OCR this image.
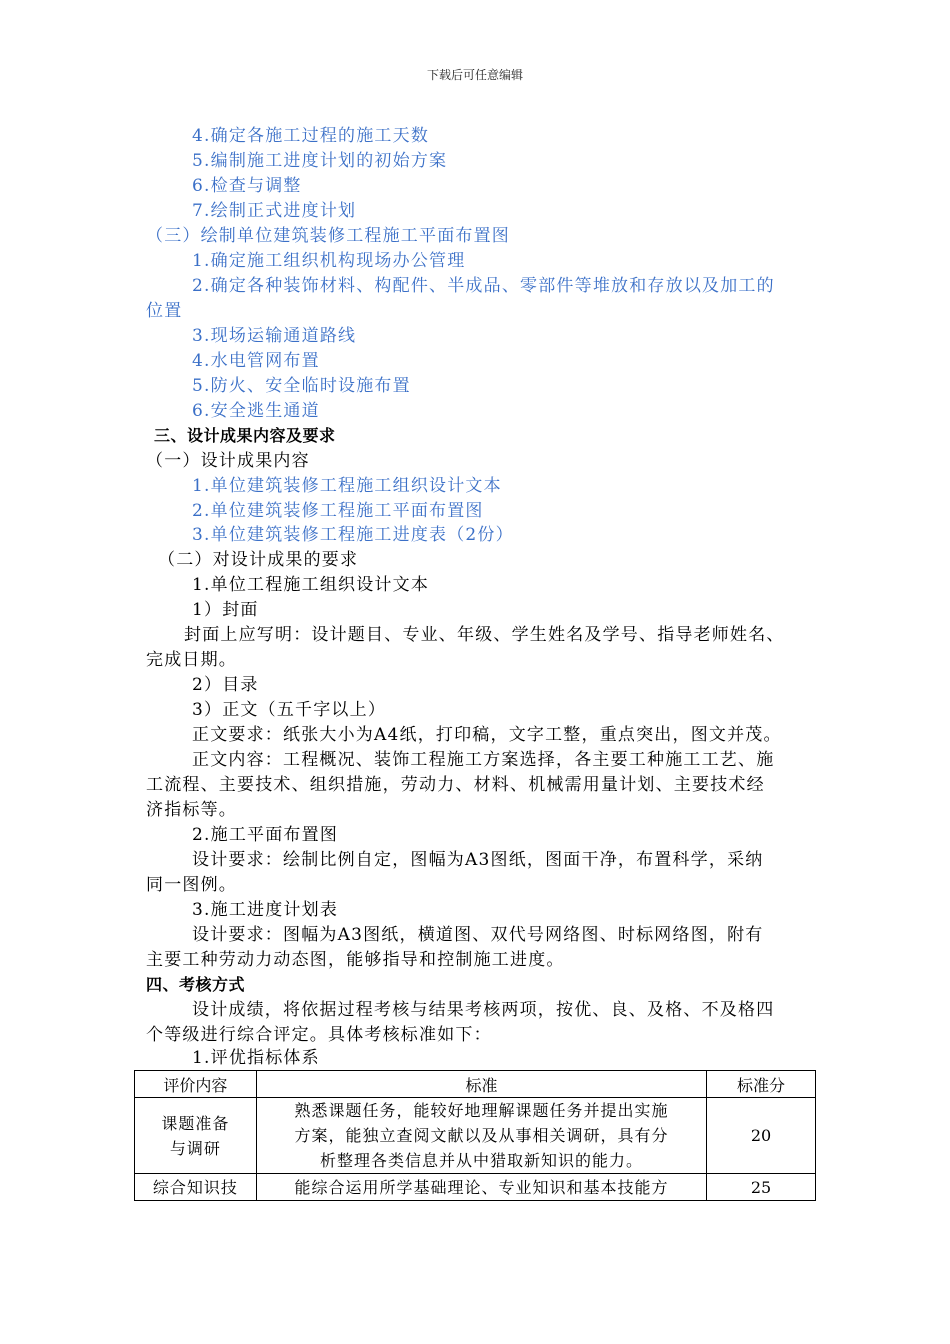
下载后可任意编辑
4.确定各施工过程的施工天数
5.编制施工进度计划的初始方案
6.检查与调整
7.绘制正式进度计划
（三）绘制单位建筑装修工程施工平面布置图
1.确定施工组织机构现场办公管理
2.确定各种装饰材料、构配件、半成品、零部件等堆放和存放以及加工的
位置
3.现场运输通道路线
4.水电管网布置
5.防火、安全临时设施布置
6.安全逃生通道
三、设计成果内容及要求
（一）设计成果内容
1.单位建筑装修工程施工组织设计文本
2.单位建筑装修工程施工平面布置图
3.单位建筑装修工程施工进度表（2份）
（二）对设计成果的要求
1.单位工程施工组织设计文本
1）封面
封面上应写明：设计题目、专业、年级、学生姓名及学号、指导老师姓名、
完成日期。
2）目录
3）正文（五千字以上）
正文要求：纸张大小为A4纸，打印稿，文字工整，重点突出，图文并茂。
正文内容：工程概况、装饰工程施工方案选择，各主要工种施工工艺、施
工流程、主要技术、组织措施，劳动力、材料、机械需用量计划、主要技术经
济指标等。
2.施工平面布置图
设计要求：绘制比例自定，图幅为A3图纸，图面干净，布置科学，采纳
同一图例。
3.施工进度计划表
设计要求：图幅为A3图纸，横道图、双代号网络图、时标网络图，附有
主要工种劳动力动态图，能够指导和控制施工进度。
四、考核方式
设计成绩，将依据过程考核与结果考核两项，按优、良、及格、不及格四
个等级进行综合评定。具体考核标准如下：
1.评优指标体系
评价内容	标准	标准分
课题准备
与调研	熟悉课题任务，能较好地理解课题任务并提出实施
方案，能独立查阅文献以及从事相关调研，具有分
析整理各类信息并从中猎取新知识的能力。	20
综合知识技	能综合运用所学基础理论、专业知识和基本技能方	25
